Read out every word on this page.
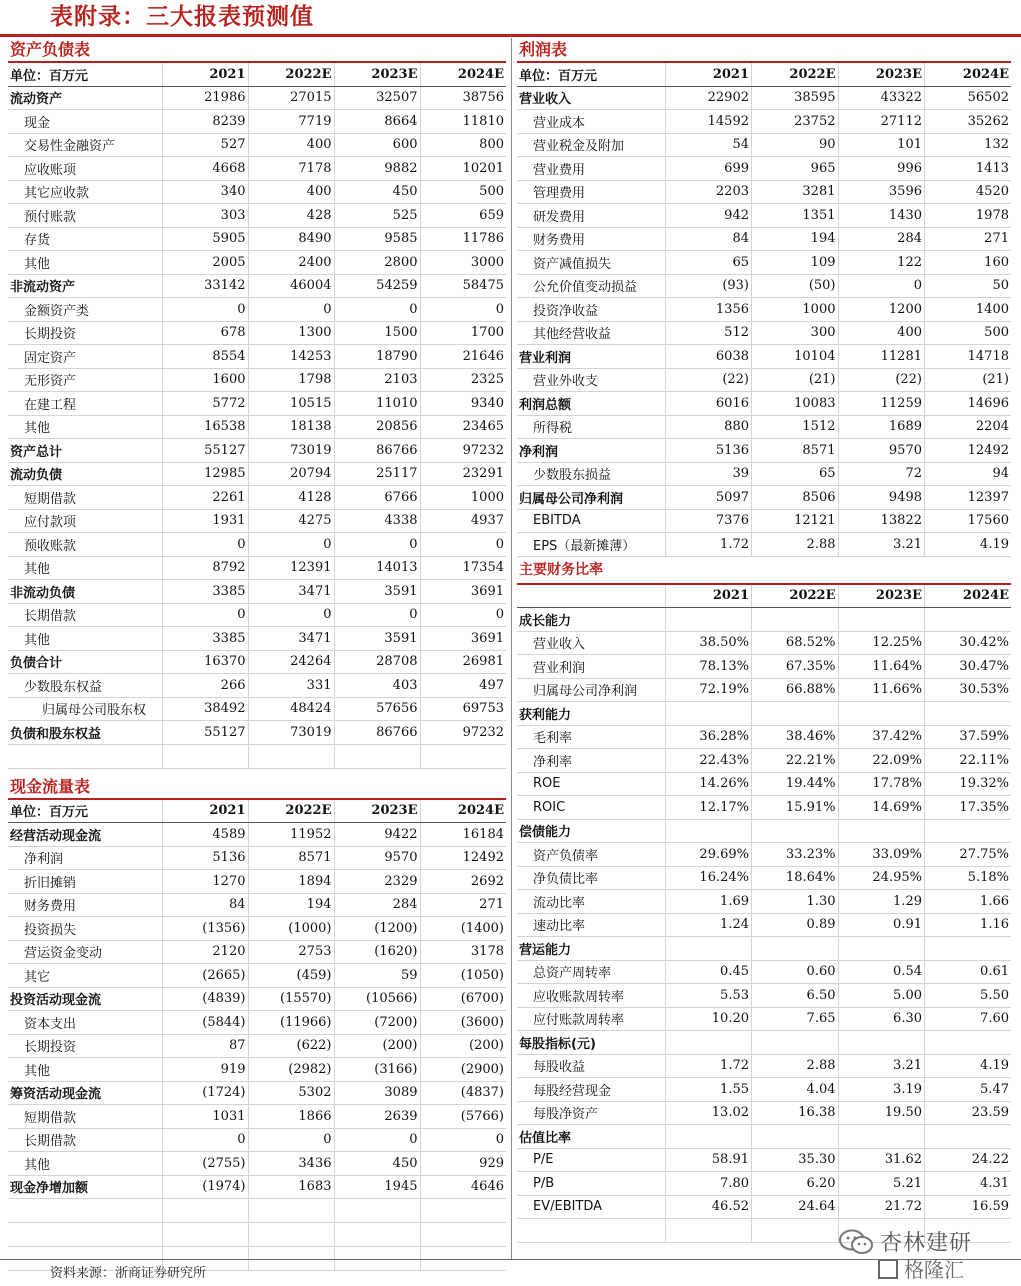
表附录：三大报表预测值
资产负债表
单位：百万元	2021	2022E	2023E	2024E
流动资产	21986	27015	32507	38756
现金	8239	7719	8664	11810
交易性金融资产	527	400	600	800
应收账项	4668	7178	9882	10201
其它应收款	340	400	450	500
预付账款	303	428	525	659
存货	5905	8490	9585	11786
其他	2005	2400	2800	3000
非流动资产	33142	46004	54259	58475
金额资产类	0	0	0	0
长期投资	678	1300	1500	1700
固定资产	8554	14253	18790	21646
无形资产	1600	1798	2103	2325
在建工程	5772	10515	11010	9340
其他	16538	18138	20856	23465
资产总计	55127	73019	86766	97232
流动负债	12985	20794	25117	23291
短期借款	2261	4128	6766	1000
应付款项	1931	4275	4338	4937
预收账款	0	0	0	0
其他	8792	12391	14013	17354
非流动负债	3385	3471	3591	3691
长期借款	0	0	0	0
其他	3385	3471	3591	3691
负债合计	16370	24264	28708	26981
少数股东权益	266	331	403	497
归属母公司股东权	38492	48424	57656	69753
负债和股东权益	55127	73019	86766	97232

现金流量表
单位：百万元	2021	2022E	2023E	2024E
经营活动现金流	4589	11952	9422	16184
净利润	5136	8571	9570	12492
折旧摊销	1270	1894	2329	2692
财务费用	84	194	284	271
投资损失	(1356)	(1000)	(1200)	(1400)
营运资金变动	2120	2753	(1620)	3178
其它	(2665)	(459)	59	(1050)
投资活动现金流	(4839)	(15570)	(10566)	(6700)
资本支出	(5844)	(11966)	(7200)	(3600)
长期投资	87	(622)	(200)	(200)
其他	919	(2982)	(3166)	(2900)
筹资活动现金流	(1724)	5302	3089	(4837)
短期借款	1031	1866	2639	(5766)
长期借款	0	0	0	0
其他	(2755)	3436	450	929
现金净增加额	(1974)	1683	1945	4646

利润表
单位：百万元	2021	2022E	2023E	2024E
营业收入	22902	38595	43322	56502
营业成本	14592	23752	27112	35262
营业税金及附加	54	90	101	132
营业费用	699	965	996	1413
管理费用	2203	3281	3596	4520
研发费用	942	1351	1430	1978
财务费用	84	194	284	271
资产减值损失	65	109	122	160
公允价值变动损益	(93)	(50)	0	50
投资净收益	1356	1000	1200	1400
其他经营收益	512	300	400	500
营业利润	6038	10104	11281	14718
营业外收支	(22)	(21)	(22)	(21)
利润总额	6016	10083	11259	14696
所得税	880	1512	1689	2204
净利润	5136	8571	9570	12492
少数股东损益	39	65	72	94
归属母公司净利润	5097	8506	9498	12397
EBITDA	7376	12121	13822	17560
EPS（最新摊薄）	1.72	2.88	3.21	4.19
主要财务比率
	2021	2022E	2023E	2024E
成长能力				
营业收入	38.50%	68.52%	12.25%	30.42%
营业利润	78.13%	67.35%	11.64%	30.47%
归属母公司净利润	72.19%	66.88%	11.66%	30.53%
获利能力				
毛利率	36.28%	38.46%	37.42%	37.59%
净利率	22.43%	22.21%	22.09%	22.11%
ROE	14.26%	19.44%	17.78%	19.32%
ROIC	12.17%	15.91%	14.69%	17.35%
偿债能力				
资产负债率	29.69%	33.23%	33.09%	27.75%
净负债比率	16.24%	18.64%	24.95%	5.18%
流动比率	1.69	1.30	1.29	1.66
速动比率	1.24	0.89	0.91	1.16
营运能力				
总资产周转率	0.45	0.60	0.54	0.61
应收账款周转率	5.53	6.50	5.00	5.50
应付账款周转率	10.20	7.65	6.30	7.60
每股指标(元)				
每股收益	1.72	2.88	3.21	4.19
每股经营现金	1.55	4.04	3.19	5.47
每股净资产	13.02	16.38	19.50	23.59
估值比率				
P/E	58.91	35.30	31.62	24.22
P/B	7.80	6.20	5.21	4.31
EV/EBITDA	46.52	24.64	21.72	16.59

资料来源：浙商证券研究所
杏林建研
格隆汇
